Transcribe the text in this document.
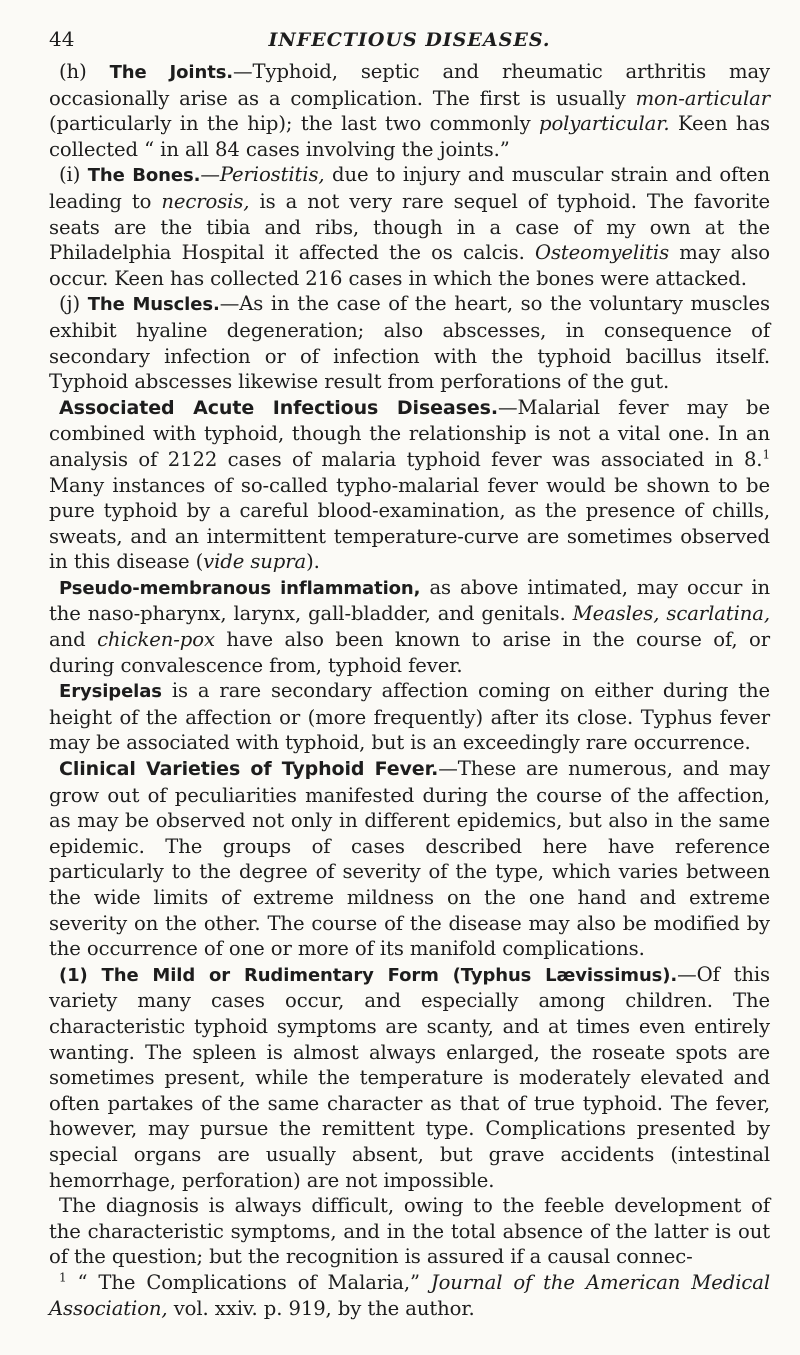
44	INFECTIOUS DISEASES.

(h) The Joints.—Typhoid, septic and rheumatic arthritis may occasionally arise as a complication. The first is usually mon-articular (particularly in the hip); the last two commonly polyarticular. Keen has collected “ in all 84 cases involving the joints.”

(i) The Bones.—Periostitis, due to injury and muscular strain and often leading to necrosis, is a not very rare sequel of typhoid. The favorite seats are the tibia and ribs, though in a case of my own at the Philadelphia Hospital it affected the os calcis. Osteomyelitis may also occur. Keen has collected 216 cases in which the bones were attacked.

(j) The Muscles.—As in the case of the heart, so the voluntary muscles exhibit hyaline degeneration; also abscesses, in consequence of secondary infection or of infection with the typhoid bacillus itself. Typhoid abscesses likewise result from perforations of the gut.

Associated Acute Infectious Diseases.—Malarial fever may be combined with typhoid, though the relationship is not a vital one. In an analysis of 2122 cases of malaria typhoid fever was associated in 8.$^1$ Many instances of so-called typho-malarial fever would be shown to be pure typhoid by a careful blood-examination, as the presence of chills, sweats, and an intermittent temperature-curve are sometimes observed in this disease (vide supra).

Pseudo-membranous inflammation, as above intimated, may occur in the naso-pharynx, larynx, gall-bladder, and genitals. Measles, scarlatina, and chicken-pox have also been known to arise in the course of, or during convalescence from, typhoid fever.

Erysipelas is a rare secondary affection coming on either during the height of the affection or (more frequently) after its close. Typhus fever may be associated with typhoid, but is an exceedingly rare occurrence.

Clinical Varieties of Typhoid Fever.—These are numerous, and may grow out of peculiarities manifested during the course of the affection, as may be observed not only in different epidemics, but also in the same epidemic. The groups of cases described here have reference particularly to the degree of severity of the type, which varies between the wide limits of extreme mildness on the one hand and extreme severity on the other. The course of the disease may also be modified by the occurrence of one or more of its manifold complications.

(1) The Mild or Rudimentary Form (Typhus Lævissimus).—Of this variety many cases occur, and especially among children. The characteristic typhoid symptoms are scanty, and at times even entirely wanting. The spleen is almost always enlarged, the roseate spots are sometimes present, while the temperature is moderately elevated and often partakes of the same character as that of true typhoid. The fever, however, may pursue the remittent type. Complications presented by special organs are usually absent, but grave accidents (intestinal hemorrhage, perforation) are not impossible.

The diagnosis is always difficult, owing to the feeble development of the characteristic symptoms, and in the total absence of the latter is out of the question; but the recognition is assured if a causal connec-

$^1$ “ The Complications of Malaria,” Journal of the American Medical Association, vol. xxiv. p. 919, by the author.
